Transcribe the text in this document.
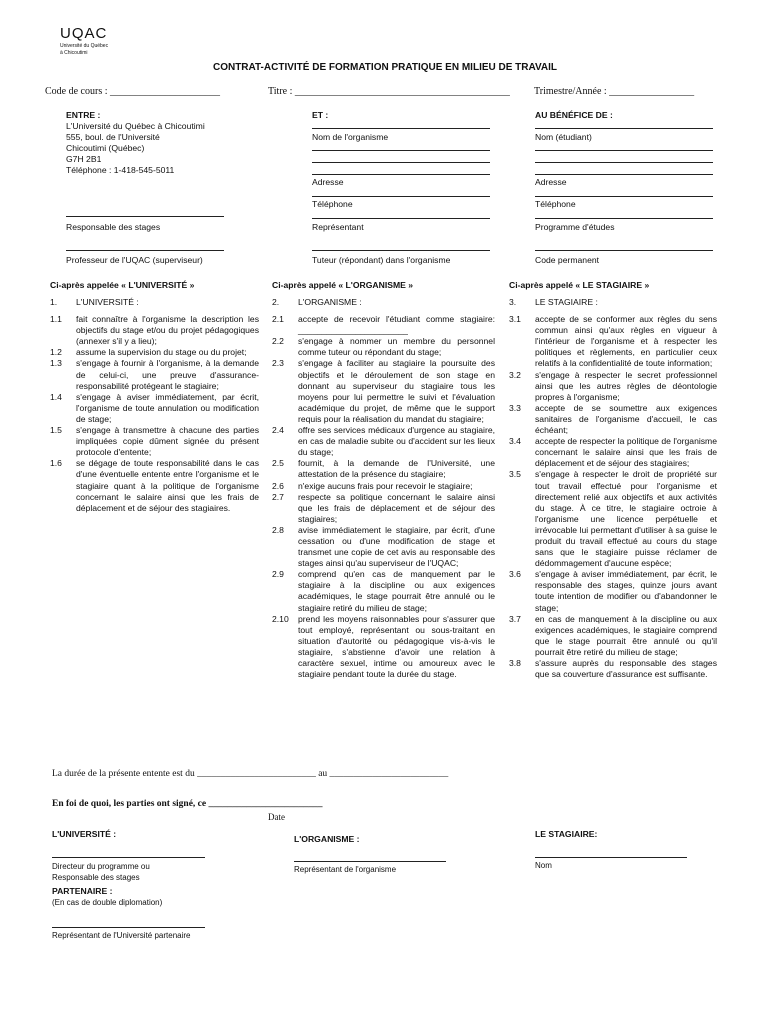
UQAC
Université du Québec
à Chicoutimi
CONTRAT-ACTIVITÉ DE FORMATION PRATIQUE EN MILIEU DE TRAVAIL
Code de cours : ______________________	Titre : ___________________________________________ Trimestre/Année : _________________
ENTRE :
L'Université du Québec à Chicoutimi
555, boul. de l'Université
Chicoutimi (Québec)
G7H 2B1
Téléphone : 1-418-545-5011
Responsable des stages
Professeur de l'UQAC (superviseur)
ET :
Nom de l'organisme
Adresse
Téléphone
Représentant
Tuteur (répondant) dans l'organisme
AU BÉNÉFICE DE :
Nom (étudiant)
Adresse
Téléphone
Programme d'études
Code permanent
Ci-après appelée « L'UNIVERSITÉ »	Ci-après appelé « L'ORGANISME »	Ci-après appelé « LE STAGIAIRE »
1.	L'UNIVERSITÉ :
1.1	fait connaître à l'organisme la description les objectifs du stage et/ou du projet pédagogiques (annexer s'il y a lieu);
1.2	assume la supervision du stage ou du projet;
1.3	s'engage à fournir à l'organisme, à la demande de celui-ci, une preuve d'assurance-responsabilité protégeant le stagiaire;
1.4	s'engage à aviser immédiatement, par écrit, l'organisme de toute annulation ou modification de stage;
1.5	s'engage à transmettre à chacune des parties impliquées copie dûment signée du présent protocole d'entente;
1.6	se dégage de toute responsabilité dans le cas d'une éventuelle entente entre l'organisme et le stagiaire quant à la politique de l'organisme concernant le salaire ainsi que les frais de déplacement et de séjour des stagiaires.
2.	L'ORGANISME :
2.1	accepte de recevoir l'étudiant comme stagiaire: _______________________
2.2	s'engage à nommer un membre du personnel comme tuteur ou répondant du stage;
2.3	s'engage à faciliter au stagiaire la poursuite des objectifs et le déroulement de son stage en donnant au superviseur du stagiaire tous les moyens pour lui permettre le suivi et l'évaluation académique du projet, de même que le support requis pour la réalisation du mandat du stagiaire;
2.4	offre ses services médicaux d'urgence au stagiaire, en cas de maladie subite ou d'accident sur les lieux du stage;
2.5	fournit, à la demande de l'Université, une attestation de la présence du stagiaire;
2.6	n'exige aucuns frais pour recevoir le stagiaire;
2.7	respecte sa politique concernant le salaire ainsi que les frais de déplacement et de séjour des stagiaires;
2.8	avise immédiatement le stagiaire, par écrit, d'une cessation ou d'une modification de stage et transmet une copie de cet avis au responsable des stages ainsi qu'au superviseur de l'UQAC;
2.9	comprend qu'en cas de manquement par le stagiaire à la discipline ou aux exigences académiques, le stage pourrait être annulé ou le stagiaire retiré du milieu de stage;
2.10	prend les moyens raisonnables pour s'assurer que tout employé, représentant ou sous-traitant en situation d'autorité ou pédagogique vis-à-vis le stagiaire, s'abstienne d'avoir une relation à caractère sexuel, intime ou amoureux avec le stagiaire pendant toute la durée du stage.
3.	LE STAGIAIRE :
3.1	accepte de se conformer aux règles du sens commun ainsi qu'aux règles en vigueur à l'intérieur de l'organisme et à respecter les politiques et règlements, en particulier ceux relatifs à la confidentialité de toute information;
3.2	s'engage à respecter le secret professionnel ainsi que les autres règles de déontologie propres à l'organisme;
3.3	accepte de se soumettre aux exigences sanitaires de l'organisme d'accueil, le cas échéant;
3.4	accepte de respecter la politique de l'organisme concernant le salaire ainsi que les frais de déplacement et de séjour des stagiaires;
3.5	s'engage à respecter le droit de propriété sur tout travail effectué pour l'organisme et directement relié aux objectifs et aux activités du stage. À ce titre, le stagiaire octroie à l'organisme une licence perpétuelle et irrévocable lui permettant d'utiliser à sa guise le produit du travail effectué au cours du stage sans que le stagiaire puisse réclamer de dédommagement d'aucune espèce;
3.6	s'engage à aviser immédiatement, par écrit, le responsable des stages, quinze jours avant toute intention de modifier ou d'abandonner le stage;
3.7	en cas de manquement à la discipline ou aux exigences académiques, le stagiaire comprend que le stage pourrait être annulé ou qu'il pourrait être retiré du milieu de stage;
3.8	s'assure auprès du responsable des stages que sa couverture d'assurance est suffisante.
La durée de la présente entente est du _________________________ au _________________________
En foi de quoi, les parties ont signé, ce ________________________
Date
L'UNIVERSITÉ :
Directeur du programme ou
Responsable des stages
L'ORGANISME :
Représentant de l'organisme
LE STAGIAIRE:
Nom
PARTENAIRE :
(En cas de double diplomation)
Représentant de l'Université partenaire
